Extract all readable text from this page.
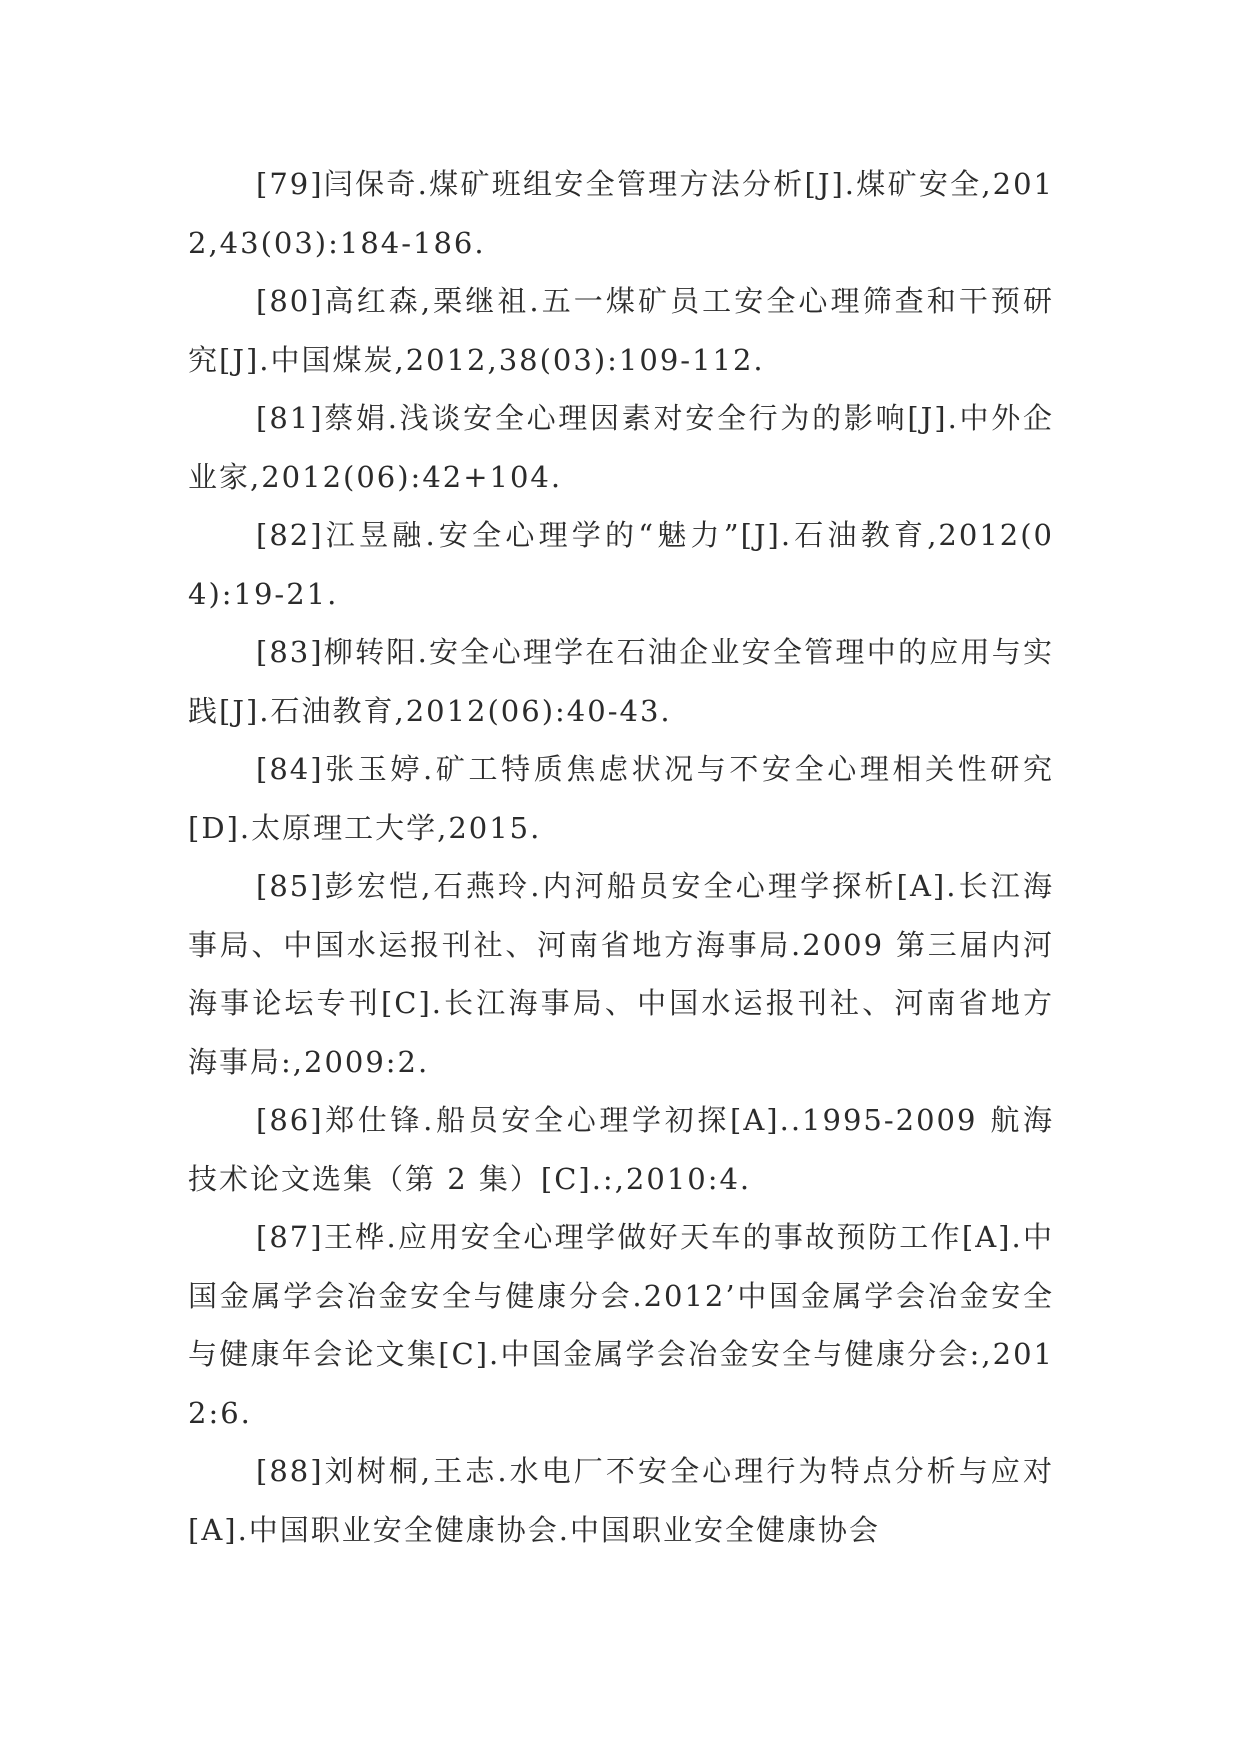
[79]闫保奇.煤矿班组安全管理方法分析[J].煤矿安全,2012,43(03):184-186.

[80]高红森,栗继祖.五一煤矿员工安全心理筛查和干预研究[J].中国煤炭,2012,38(03):109-112.

[81]蔡娟.浅谈安全心理因素对安全行为的影响[J].中外企业家,2012(06):42+104.

[82]江昱融.安全心理学的“魅力”[J].石油教育,2012(04):19-21.

[83]柳转阳.安全心理学在石油企业安全管理中的应用与实践[J].石油教育,2012(06):40-43.

[84]张玉婷.矿工特质焦虑状况与不安全心理相关性研究[D].太原理工大学,2015.

[85]彭宏恺,石燕玲.内河船员安全心理学探析[A].长江海事局、中国水运报刊社、河南省地方海事局.2009 第三届内河海事论坛专刊[C].长江海事局、中国水运报刊社、河南省地方海事局:,2009:2.

[86]郑仕锋.船员安全心理学初探[A]..1995-2009 航海技术论文选集（第 2 集）[C].:,2010:4.

[87]王桦.应用安全心理学做好天车的事故预防工作[A].中国金属学会冶金安全与健康分会.2012’中国金属学会冶金安全与健康年会论文集[C].中国金属学会冶金安全与健康分会:,2012:6.

[88]刘树桐,王志.水电厂不安全心理行为特点分析与应对[A].中国职业安全健康协会.中国职业安全健康协会
